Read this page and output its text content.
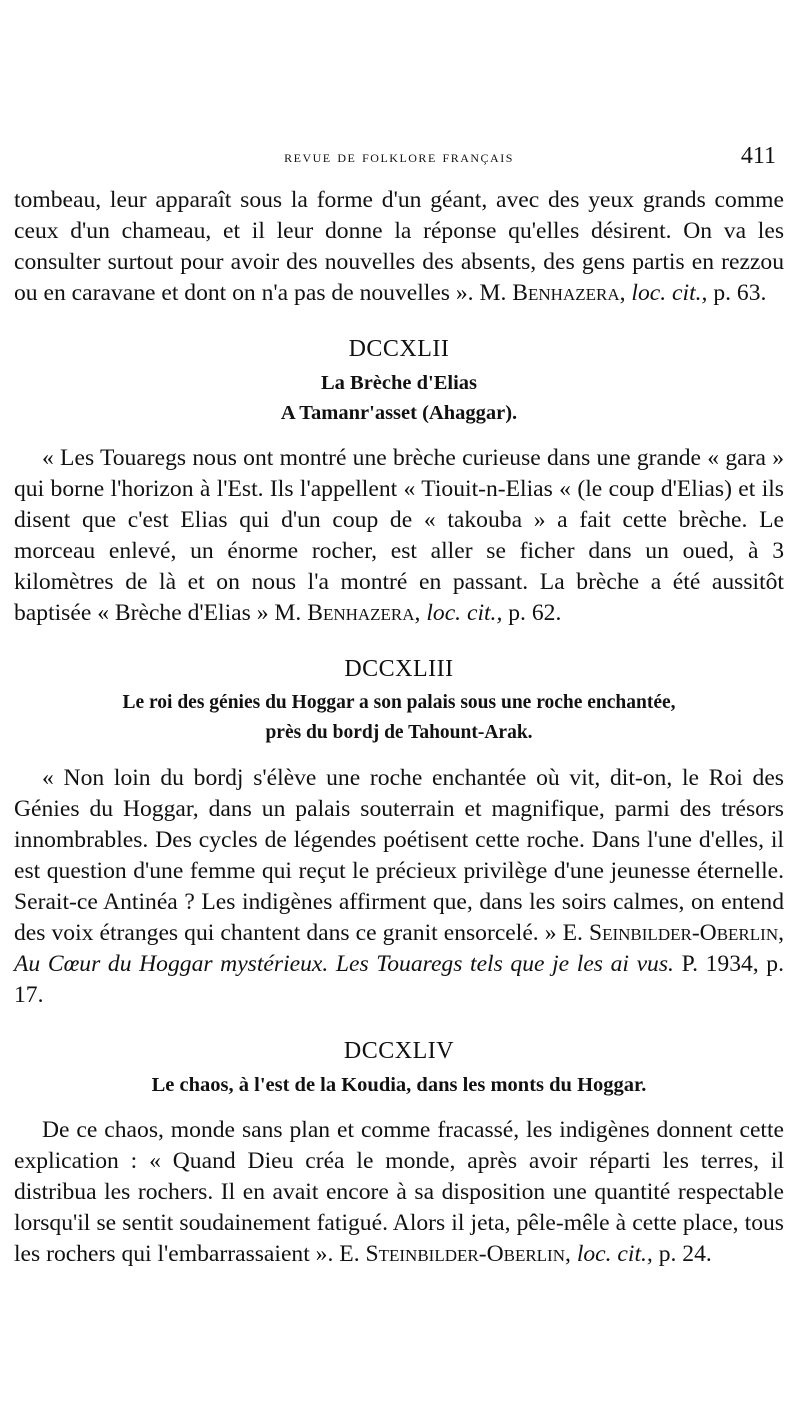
revue de folklore français	411

tombeau, leur apparaît sous la forme d'un géant, avec des yeux grands comme ceux d'un chameau, et il leur donne la réponse qu'elles désirent. On va les consulter surtout pour avoir des nouvelles des absents, des gens partis en rezzou ou en caravane et dont on n'a pas de nouvelles ». M. Benhazera, loc. cit., p. 63.

DCCXLII
La Brèche d'Elias
A Tamanr'asset (Ahaggar).

« Les Touaregs nous ont montré une brèche curieuse dans une grande « gara » qui borne l'horizon à l'Est. Ils l'appellent « Tiouit-n-Elias « (le coup d'Elias) et ils disent que c'est Elias qui d'un coup de « takouba » a fait cette brèche. Le morceau enlevé, un énorme rocher, est aller se ficher dans un oued, à 3 kilomètres de là et on nous l'a montré en passant. La brèche a été aussitôt baptisée « Brèche d'Elias » M. Benhazera, loc. cit., p. 62.

DCCXLIII
Le roi des génies du Hoggar a son palais sous une roche enchantée,
près du bordj de Tahount-Arak.

« Non loin du bordj s'élève une roche enchantée où vit, dit-on, le Roi des Génies du Hoggar, dans un palais souterrain et magnifique, parmi des trésors innombrables. Des cycles de légendes poétisent cette roche. Dans l'une d'elles, il est question d'une femme qui reçut le précieux privilège d'une jeunesse éternelle. Serait-ce Antinéa ? Les indigènes affirment que, dans les soirs calmes, on entend des voix étranges qui chantent dans ce granit ensorcelé. » E. Seinbilder-Oberlin, Au Cœur du Hoggar mystérieux. Les Touaregs tels que je les ai vus. P. 1934, p. 17.

DCCXLIV
Le chaos, à l'est de la Koudia, dans les monts du Hoggar.

De ce chaos, monde sans plan et comme fracassé, les indigènes donnent cette explication : « Quand Dieu créa le monde, après avoir réparti les terres, il distribua les rochers. Il en avait encore à sa disposition une quantité respectable lorsqu'il se sentit soudainement fatigué. Alors il jeta, pêle-mêle à cette place, tous les rochers qui l'embarrassaient ». E. Steinbilder-Oberlin, loc. cit., p. 24.
